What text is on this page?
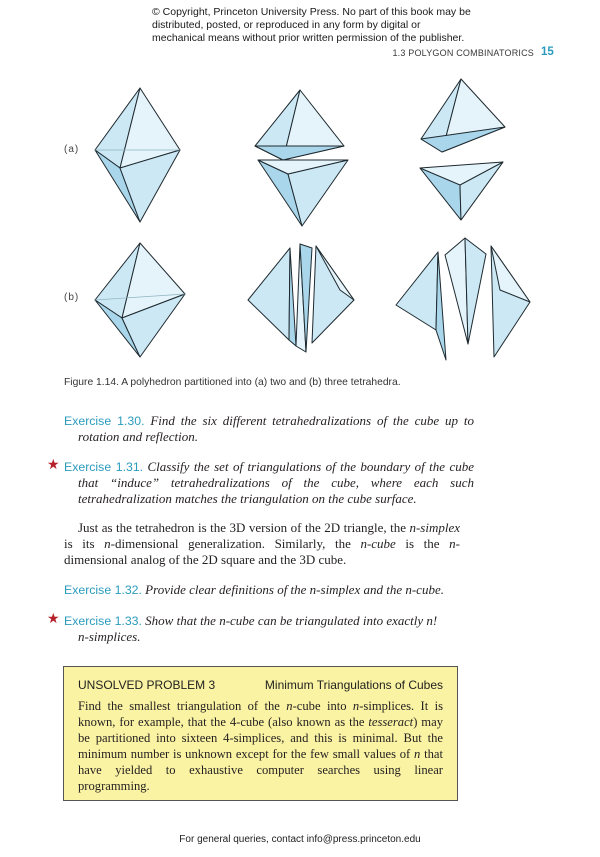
© Copyright, Princeton University Press. No part of this book may be distributed, posted, or reproduced in any form by digital or mechanical means without prior written permission of the publisher.
1.3 POLYGON COMBINATORICS 15
(a)
(b)
Figure 1.14. A polyhedron partitioned into (a) two and (b) three tetrahedra.
Exercise 1.30. Find the six different tetrahedralizations of the cube up to rotation and reflection.
★ Exercise 1.31. Classify the set of triangulations of the boundary of the cube that “induce” tetrahedralizations of the cube, where each such tetrahedralization matches the triangulation on the cube surface.
Just as the tetrahedron is the 3D version of the 2D triangle, the n-simplex is its n-dimensional generalization. Similarly, the n-cube is the n-dimensional analog of the 2D square and the 3D cube.
Exercise 1.32. Provide clear definitions of the n-simplex and the n-cube.
★ Exercise 1.33. Show that the n-cube can be triangulated into exactly n!
n-simplices.
UNSOLVED PROBLEM 3	Minimum Triangulations of Cubes
Find the smallest triangulation of the n-cube into n-simplices. It is known, for example, that the 4-cube (also known as the tesseract) may be partitioned into sixteen 4-simplices, and this is minimal. But the minimum number is unknown except for the few small values of n that have yielded to exhaustive computer searches using linear programming.
For general queries, contact info@press.princeton.edu
